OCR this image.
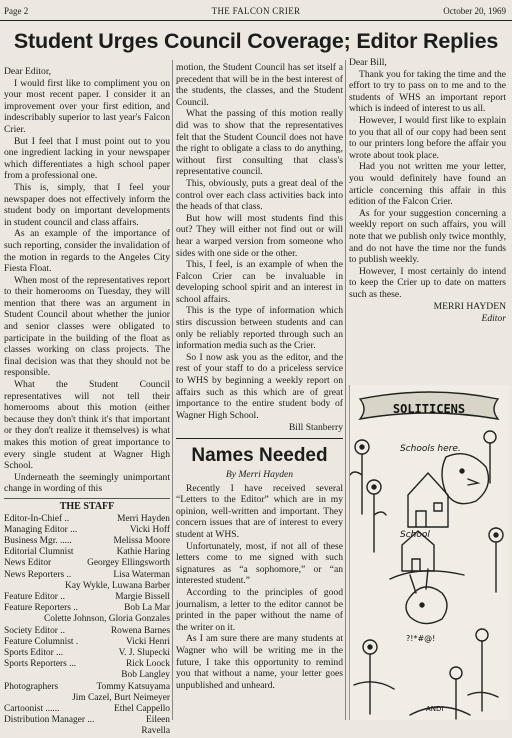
Page 2	THE FALCON CRIER	October 20, 1969
Student Urges Council Coverage; Editor Replies

Dear Editor,

I would first like to compliment you on your most recent paper. I consider it an improvement over your first edition, and indescribably superior to last year's Falcon Crier.

But I feel that I must point out to you one ingredient lacking in your newspaper which differentiates a high school paper from a professional one.

This is, simply, that I feel your newspaper does not effectively inform the student body on important developments in student council and class affairs.

As an example of the importance of such reporting, consider the invalidation of the motion in regards to the Angeles City Fiesta Float.

When most of the representatives report to their homerooms on Tuesday, they will mention that there was an argument in Student Council about whether the junior and senior classes were obligated to participate in the building of the float as classes working on class projects. The final decision was that they should not be responsible.

What the Student Council representatives will not tell their homerooms about this motion (either because they don't think it's that important or they don't realize it themselves) is what makes this motion of great importance to every single student at Wagner High School.

Underneath the seemingly unimportant change in wording of this

THE STAFF
Editor-In-Chief ..	Merri Hayden
Managing Editor ...	Vicki Hoff
Business Mgr. .....	Melissa Moore
Editorial Clumnist	Kathie Haring
News Editor	Georgey Ellingsworth
News Reporters ..	Lisa Waterman
Kay Wykle, Luwana Barber
Feature Editor ..	Margie Bissell
Feature Reporters ..	Bob La Mar
Colette Johnson, Gloria Gonzales
Society Editor ..	Rowena Barnes
Feature Columnist .	Vicki Henri
Sports Editor ...	V. J. Slupecki
Sports Reporters ...	Rick Loock
Bob Langley
Photographers	Tommy Katsuyama
Jim Cazel, Burt Neimeyer
Cartoonist ......	Ethel Cappello
Distribution Manager ...	Eileen
Ravella

motion, the Student Council has set itself a precedent that will be in the best interest of the students, the classes, and the Student Council.

What the passing of this motion really did was to show that the representatives felt that the Student Council does not have the right to obligate a class to do anything, without first consulting that class's representative council.

This, obviously, puts a great deal of the control over each class activities back into the heads of that class.

But how will most students find this out? They will either not find out or will hear a warped version from someone who sides with one side or the other.

This, I feel, is an example of when the Falcon Crier can be invaluable in developing school spirit and an interest in school affairs.

This is the type of information which stirs discussion between students and can only be reliably reported through such an information media such as the Crier.

So I now ask you as the editor, and the rest of your staff to do a priceless service to WHS by beginning a weekly report on affairs such as this which are of great importance to the entire student body of Wagner High School.

Bill Stanberry
Names Needed
By Merri Hayden

Recently I have received several “Letters to the Editor” which are in my opinion, well-written and important. They concern issues that are of interest to every student at WHS.

Unfortunately, most, if not all of these letters come to me signed with such signatures as “a sophomore,” or “an interested student.”

According to the principles of good journalism, a letter to the editor cannot be printed in the paper without the name of the writer on it.

As I am sure there are many students at Wagner who will be writing me in the future, I take this opportunity to remind you that without a name, your letter goes unpublished and unheard.

Dear Bill,

Thank you for taking the time and the effort to try to pass on to me and to the students of WHS an important report which is indeed of interest to us all.

However, I would first like to explain to you that all of our copy had been sent to our printers long before the affair you wrote about took place.

Had you not written me your letter, you would definitely have found an article concerning this affair in this edition of the Falcon Crier.

As for your suggestion concerning a weekly report on such affairs, you will note that we publish only twice monthly, and do not have the time nor the funds to publish weekly.

However, I most certainly do intend to keep the Crier up to date on matters such as these.

MERRI HAYDEN
Editor
SOLITICENS
Schools here.
School
?!*#@!
ANDI
